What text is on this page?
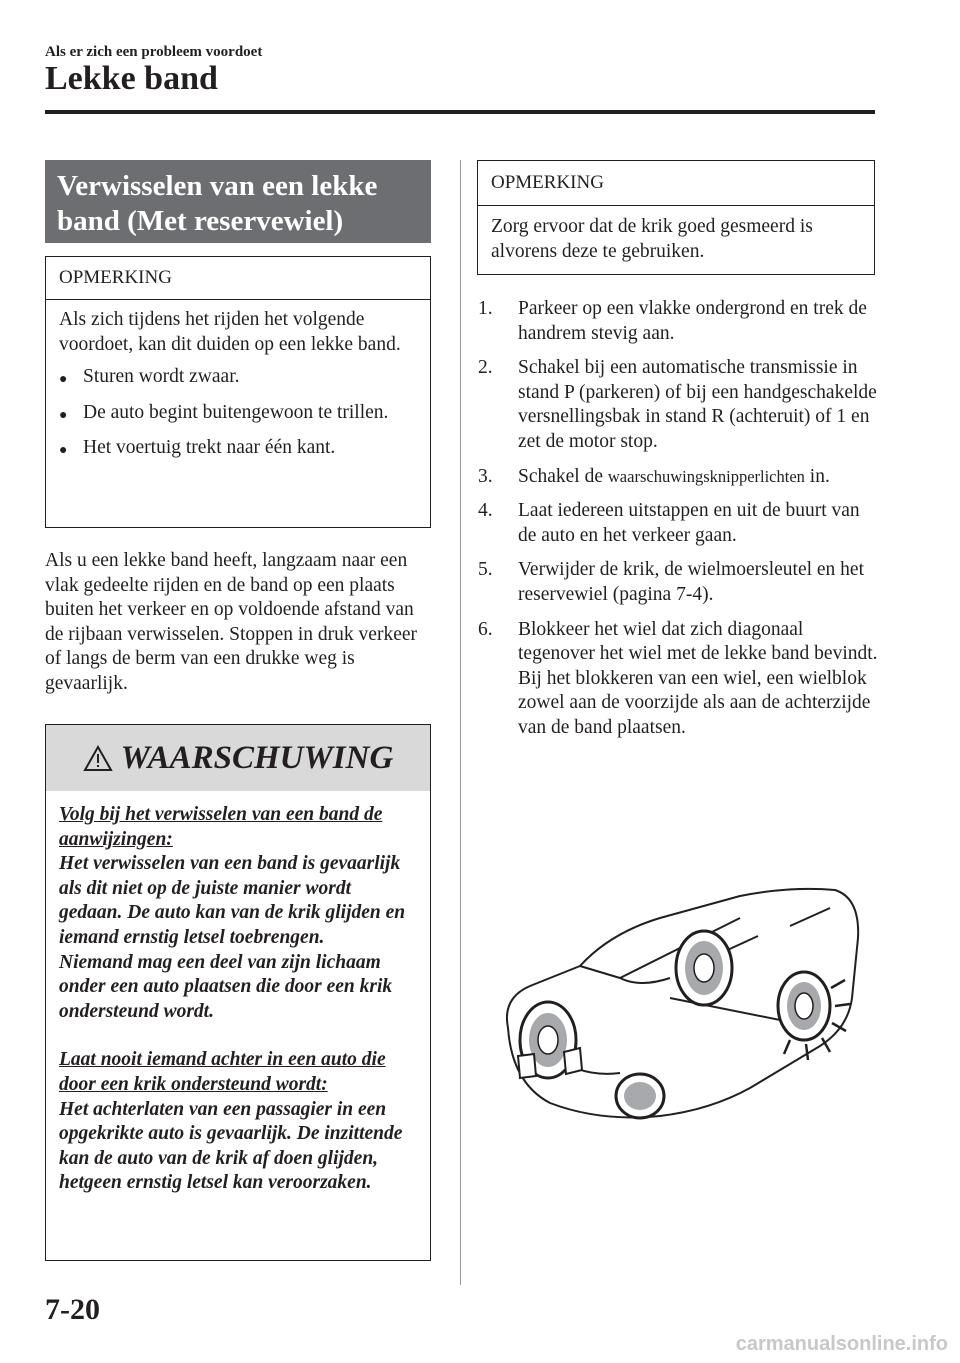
Als er zich een probleem voordoet
Lekke band
Verwisselen van een lekke
band (Met reservewiel)
OPMERKING
Als zich tijdens het rijden het volgende voordoet, kan dit duiden op een lekke band.
● Sturen wordt zwaar.
● De auto begint buitengewoon te trillen.
● Het voertuig trekt naar één kant.
Als u een lekke band heeft, langzaam naar een vlak gedeelte rijden en de band op een plaats buiten het verkeer en op voldoende afstand van de rijbaan verwisselen. Stoppen in druk verkeer of langs de berm van een drukke weg is gevaarlijk.
WAARSCHUWING
Volg bij het verwisselen van een band de aanwijzingen:
Het verwisselen van een band is gevaarlijk als dit niet op de juiste manier wordt gedaan. De auto kan van de krik glijden en iemand ernstig letsel toebrengen.
Niemand mag een deel van zijn lichaam onder een auto plaatsen die door een krik ondersteund wordt.
Laat nooit iemand achter in een auto die door een krik ondersteund wordt:
Het achterlaten van een passagier in een opgekrikte auto is gevaarlijk. De inzittende kan de auto van de krik af doen glijden, hetgeen ernstig letsel kan veroorzaken.
OPMERKING
Zorg ervoor dat de krik goed gesmeerd is alvorens deze te gebruiken.
1.	Parkeer op een vlakke ondergrond en trek de handrem stevig aan.
2.	Schakel bij een automatische transmissie in stand P (parkeren) of bij een handgeschakelde versnellingsbak in stand R (achteruit) of 1 en zet de motor stop.
3.	Schakel de waarschuwingsknipperlichten in.
4.	Laat iedereen uitstappen en uit de buurt van de auto en het verkeer gaan.
5.	Verwijder de krik, de wielmoersleutel en het reservewiel (pagina 7-4).
6.	Blokkeer het wiel dat zich diagonaal tegenover het wiel met de lekke band bevindt. Bij het blokkeren van een wiel, een wielblok zowel aan de voorzijde als aan de achterzijde van de band plaatsen.
7-20
carmanualsonline.info
